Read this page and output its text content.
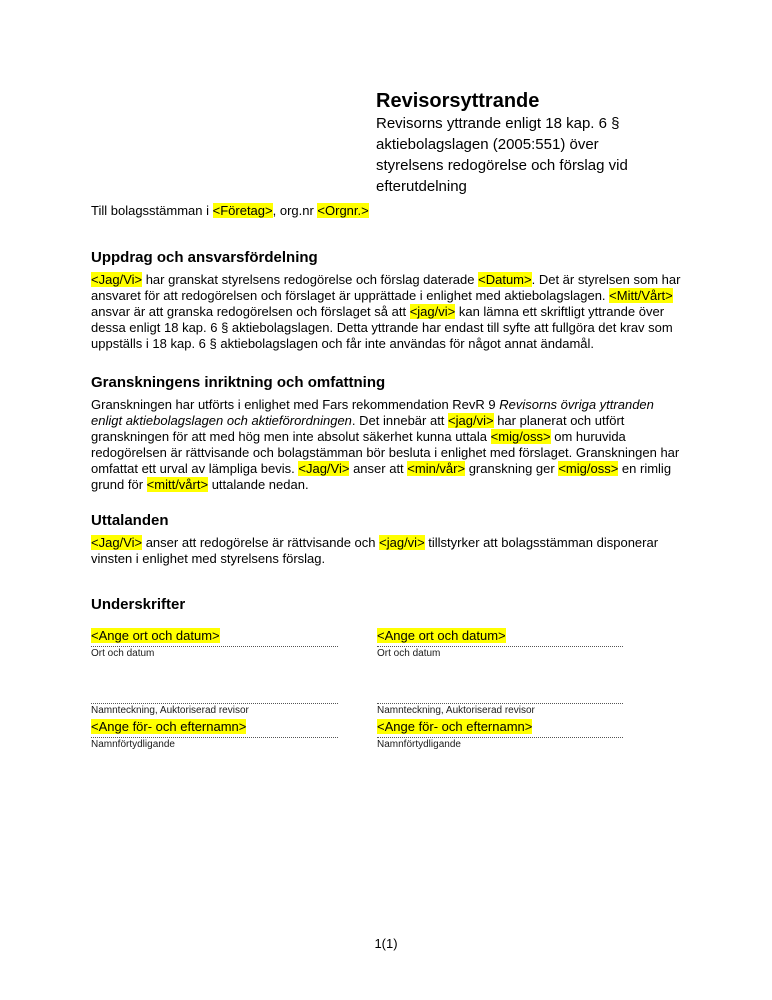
Revisorsyttrande
Revisorns yttrande enligt 18 kap. 6 § aktiebolagslagen (2005:551) över styrelsens redogörelse och förslag vid efterutdelning

Till bolagsstämman i <Företag>, org.nr <Orgnr.>

Uppdrag och ansvarsfördelning

<Jag/Vi> har granskat styrelsens redogörelse och förslag daterade <Datum>. Det är styrelsen som har ansvaret för att redogörelsen och förslaget är upprättade i enlighet med aktiebolagslagen. <Mitt/Vårt> ansvar är att granska redogörelsen och förslaget så att <jag/vi> kan lämna ett skriftligt yttrande över dessa enligt 18 kap. 6 § aktiebolagslagen. Detta yttrande har endast till syfte att fullgöra det krav som uppställs i 18 kap. 6 § aktiebolagslagen och får inte användas för något annat ändamål.

Granskningens inriktning och omfattning

Granskningen har utförts i enlighet med Fars rekommendation RevR 9 Revisorns övriga yttranden enligt aktiebolagslagen och aktieförordningen. Det innebär att <jag/vi> har planerat och utfört granskningen för att med hög men inte absolut säkerhet kunna uttala <mig/oss> om huruvida redogörelsen är rättvisande och bolagstämman bör besluta i enlighet med förslaget. Granskningen har omfattat ett urval av lämpliga bevis. <Jag/Vi> anser att <min/vår> granskning ger <mig/oss> en rimlig grund för <mitt/vårt> uttalande nedan.

Uttalanden

<Jag/Vi> anser att redogörelse är rättvisande och <jag/vi> tillstyrker att bolagsstämman disponerar vinsten i enlighet med styrelsens förslag.

Underskrifter
<Ange ort och datum>
Ort och datum
Namnteckning, Auktoriserad revisor
<Ange för- och efternamn>
Namnförtydligande
<Ange ort och datum>
Ort och datum
Namnteckning, Auktoriserad revisor
<Ange för- och efternamn>
Namnförtydligande
1(1)
